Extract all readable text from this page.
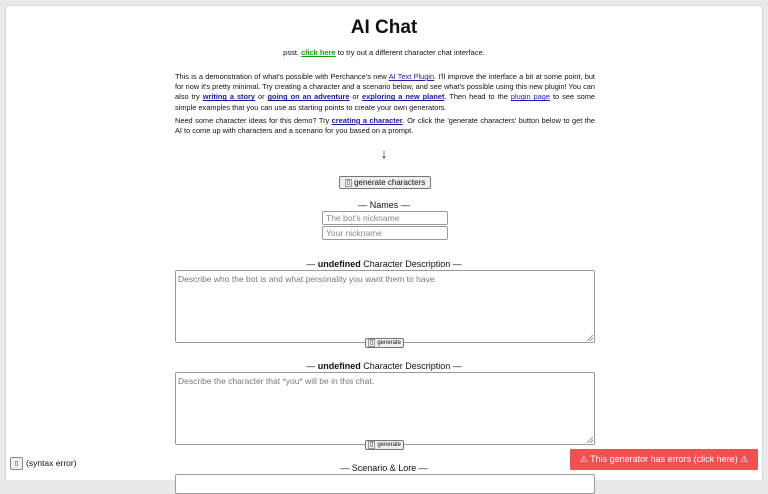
AI Chat
psst. click here to try out a different character chat interface.
This is a demonstration of what's possible with Perchance's new AI Text Plugin. I'll improve the interface a bit at some point, but for now it's pretty minimal. Try creating a character and a scenario below, and see what's possible using this new plugin! You can also try writing a story or going on an adventure or exploring a new planet. Then head to the plugin page to see some simple examples that you can use as starting points to create your own generators.
Need some character ideas for this demo? Try creating a character. Or click the 'generate characters' button below to get the AI to come up with characters and a scenario for you based on a prompt.
↓
▯ generate characters
— Names —
The bot's nickname
Your nickname
— undefined Character Description —
Describe who the bot is and what personality you want them to have.
▯ generate
— undefined Character Description —
Describe the character that *you* will be in this chat.
▯ generate
— Scenario & Lore —
▯ (syntax error)	⚠ This generator has errors (click here) ⚠
